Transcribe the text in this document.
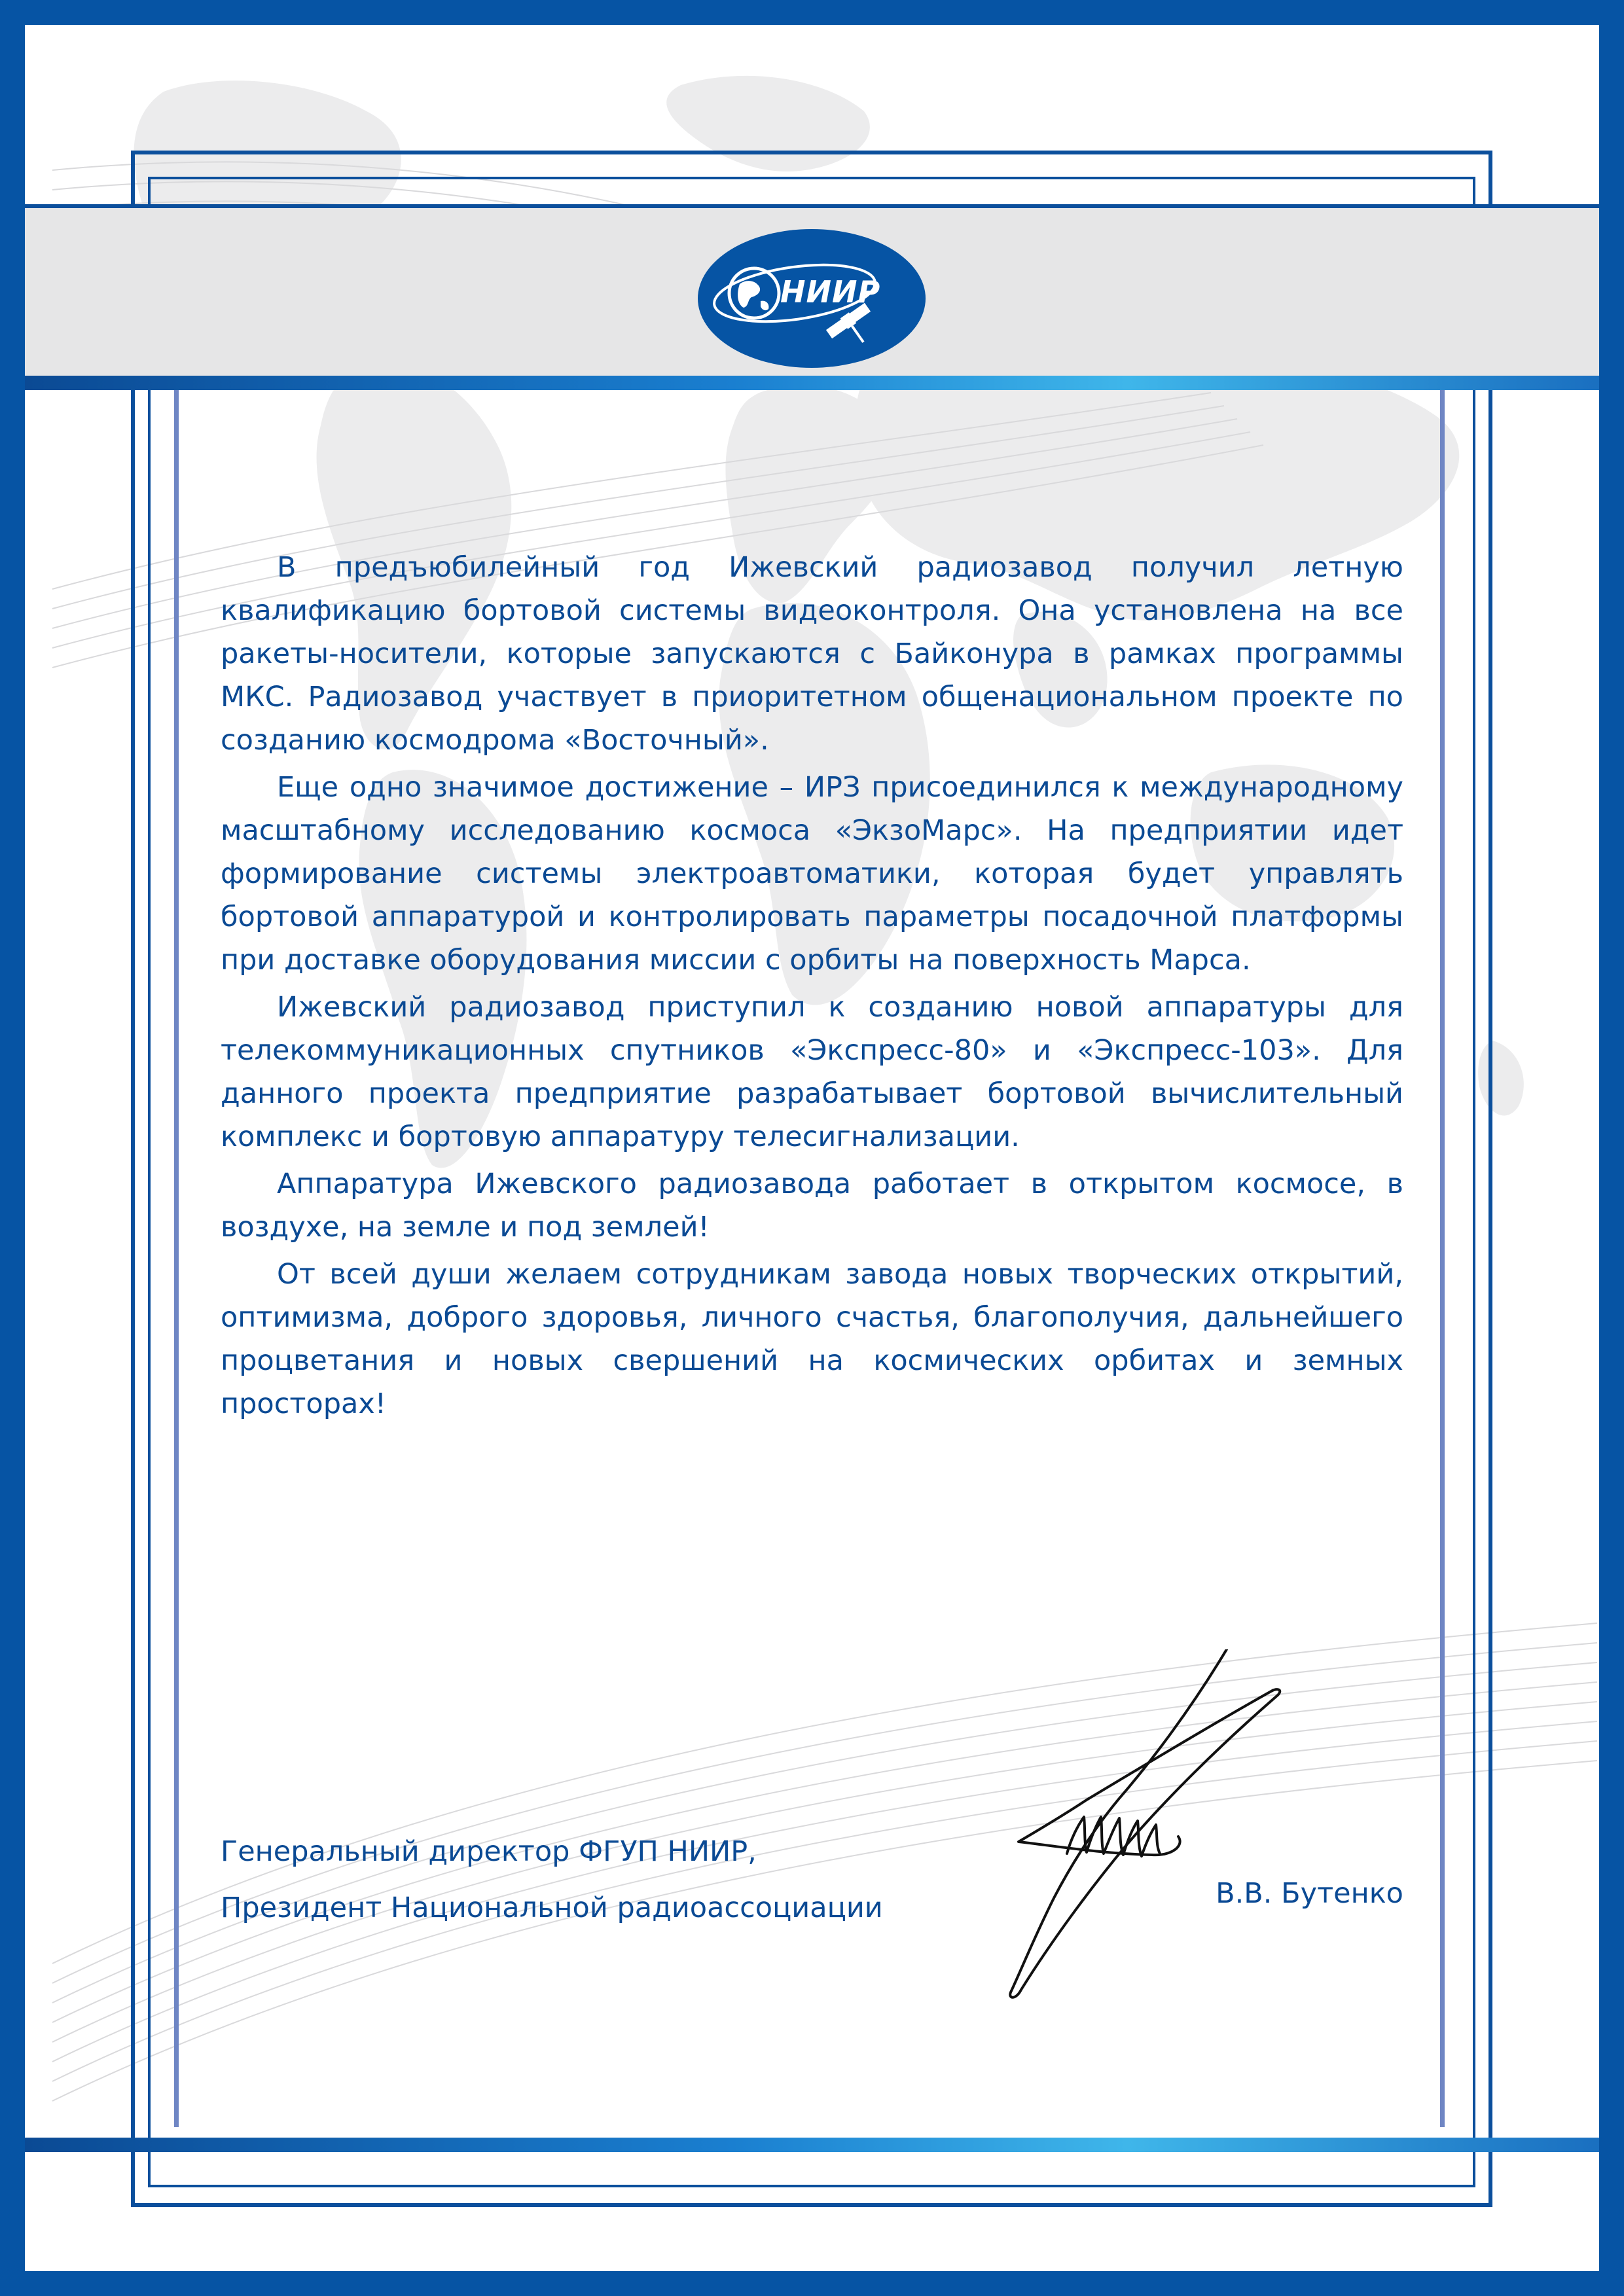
НИИР

В предъюбилейный год Ижевский радиозавод получил летную квалификацию бортовой системы видеоконтроля. Она установлена на все ракеты-носители, которые запускаются с Байконура в рамках программы МКС. Радиозавод участвует в приоритетном общенациональном проекте по созданию космодрома «Восточный».

Еще одно значимое достижение – ИРЗ присоединился к международному масштабному исследованию космоса «ЭкзоМарс». На предприятии идет формирование системы электроавтоматики, которая будет управлять бортовой аппаратурой и контролировать параметры посадочной платформы при доставке оборудования миссии с орбиты на поверхность Марса.

Ижевский радиозавод приступил к созданию новой аппаратуры для телекоммуникационных спутников «Экспресс-80» и «Экспресс-103». Для данного проекта предприятие разрабатывает бортовой вычислительный комплекс и бортовую аппаратуру телесигнализации.

Аппаратура Ижевского радиозавода работает в открытом космосе, в воздухе, на земле и под землей!

От всей души желаем сотрудникам завода новых творческих открытий, оптимизма, доброго здоровья, личного счастья, благополучия, дальнейшего процветания и новых свершений на космических орбитах и земных просторах!

Генеральный директор ФГУП НИИР,
Президент Национальной радиоассоциации	В.В. Бутенко
